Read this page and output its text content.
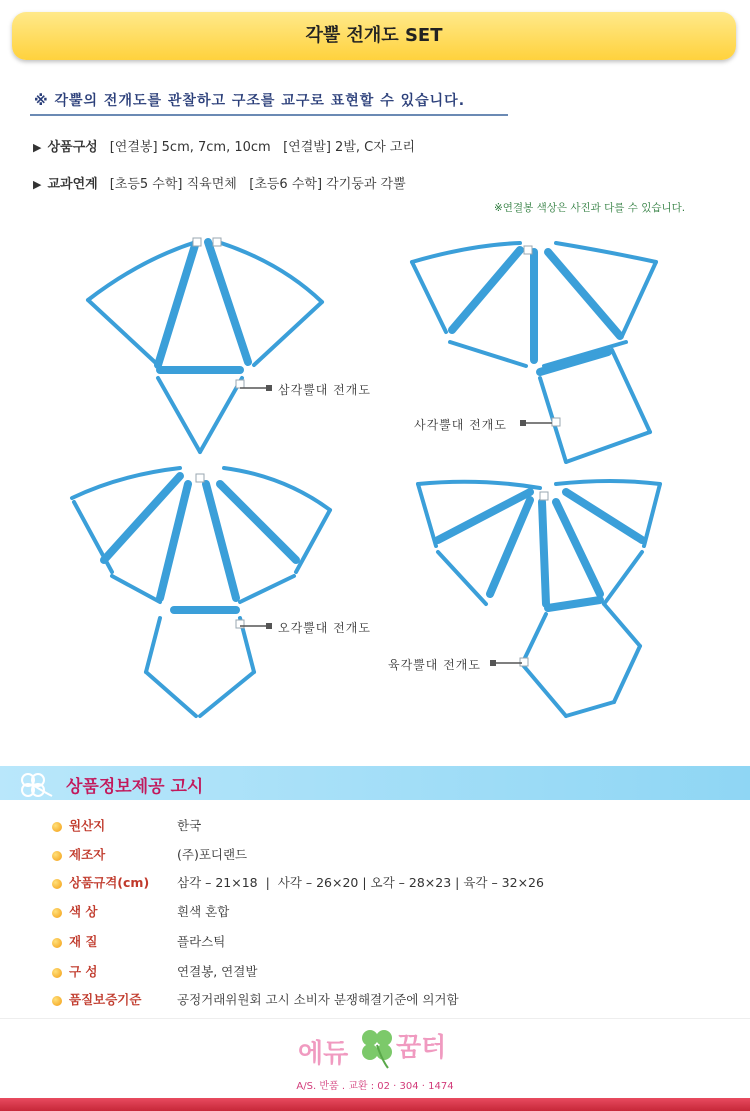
각뿔 전개도 SET
※ 각뿔의 전개도를 관찰하고 구조를 교구로 표현할 수 있습니다.
▶ 상품구성 [연결봉] 5cm, 7cm, 10cm   [연결발] 2발, C자 고리
▶ 교과연계 [초등5 수학] 직육면체   [초등6 수학] 각기둥과 각뿔
※연결봉 색상은 사진과 다를 수 있습니다.
삼각뿔대 전개도
사각뿔대 전개도
오각뿔대 전개도
육각뿔대 전개도
상품정보제공 고시
원산지	한국
제조자	(주)포디랜드
상품규격(cm) 삼각 – 21×18  |  사각 – 26×20 | 오각 – 28×23 | 육각 – 32×26
색 상	흰색 혼합
재 질	플라스틱
구 성	연결봉, 연결발
품질보증기준	공정거래위원회 고시 소비자 분쟁해결기준에 의거함
에듀 꿈터
A/S. 반품 . 교환 : 02 · 304 · 1474
